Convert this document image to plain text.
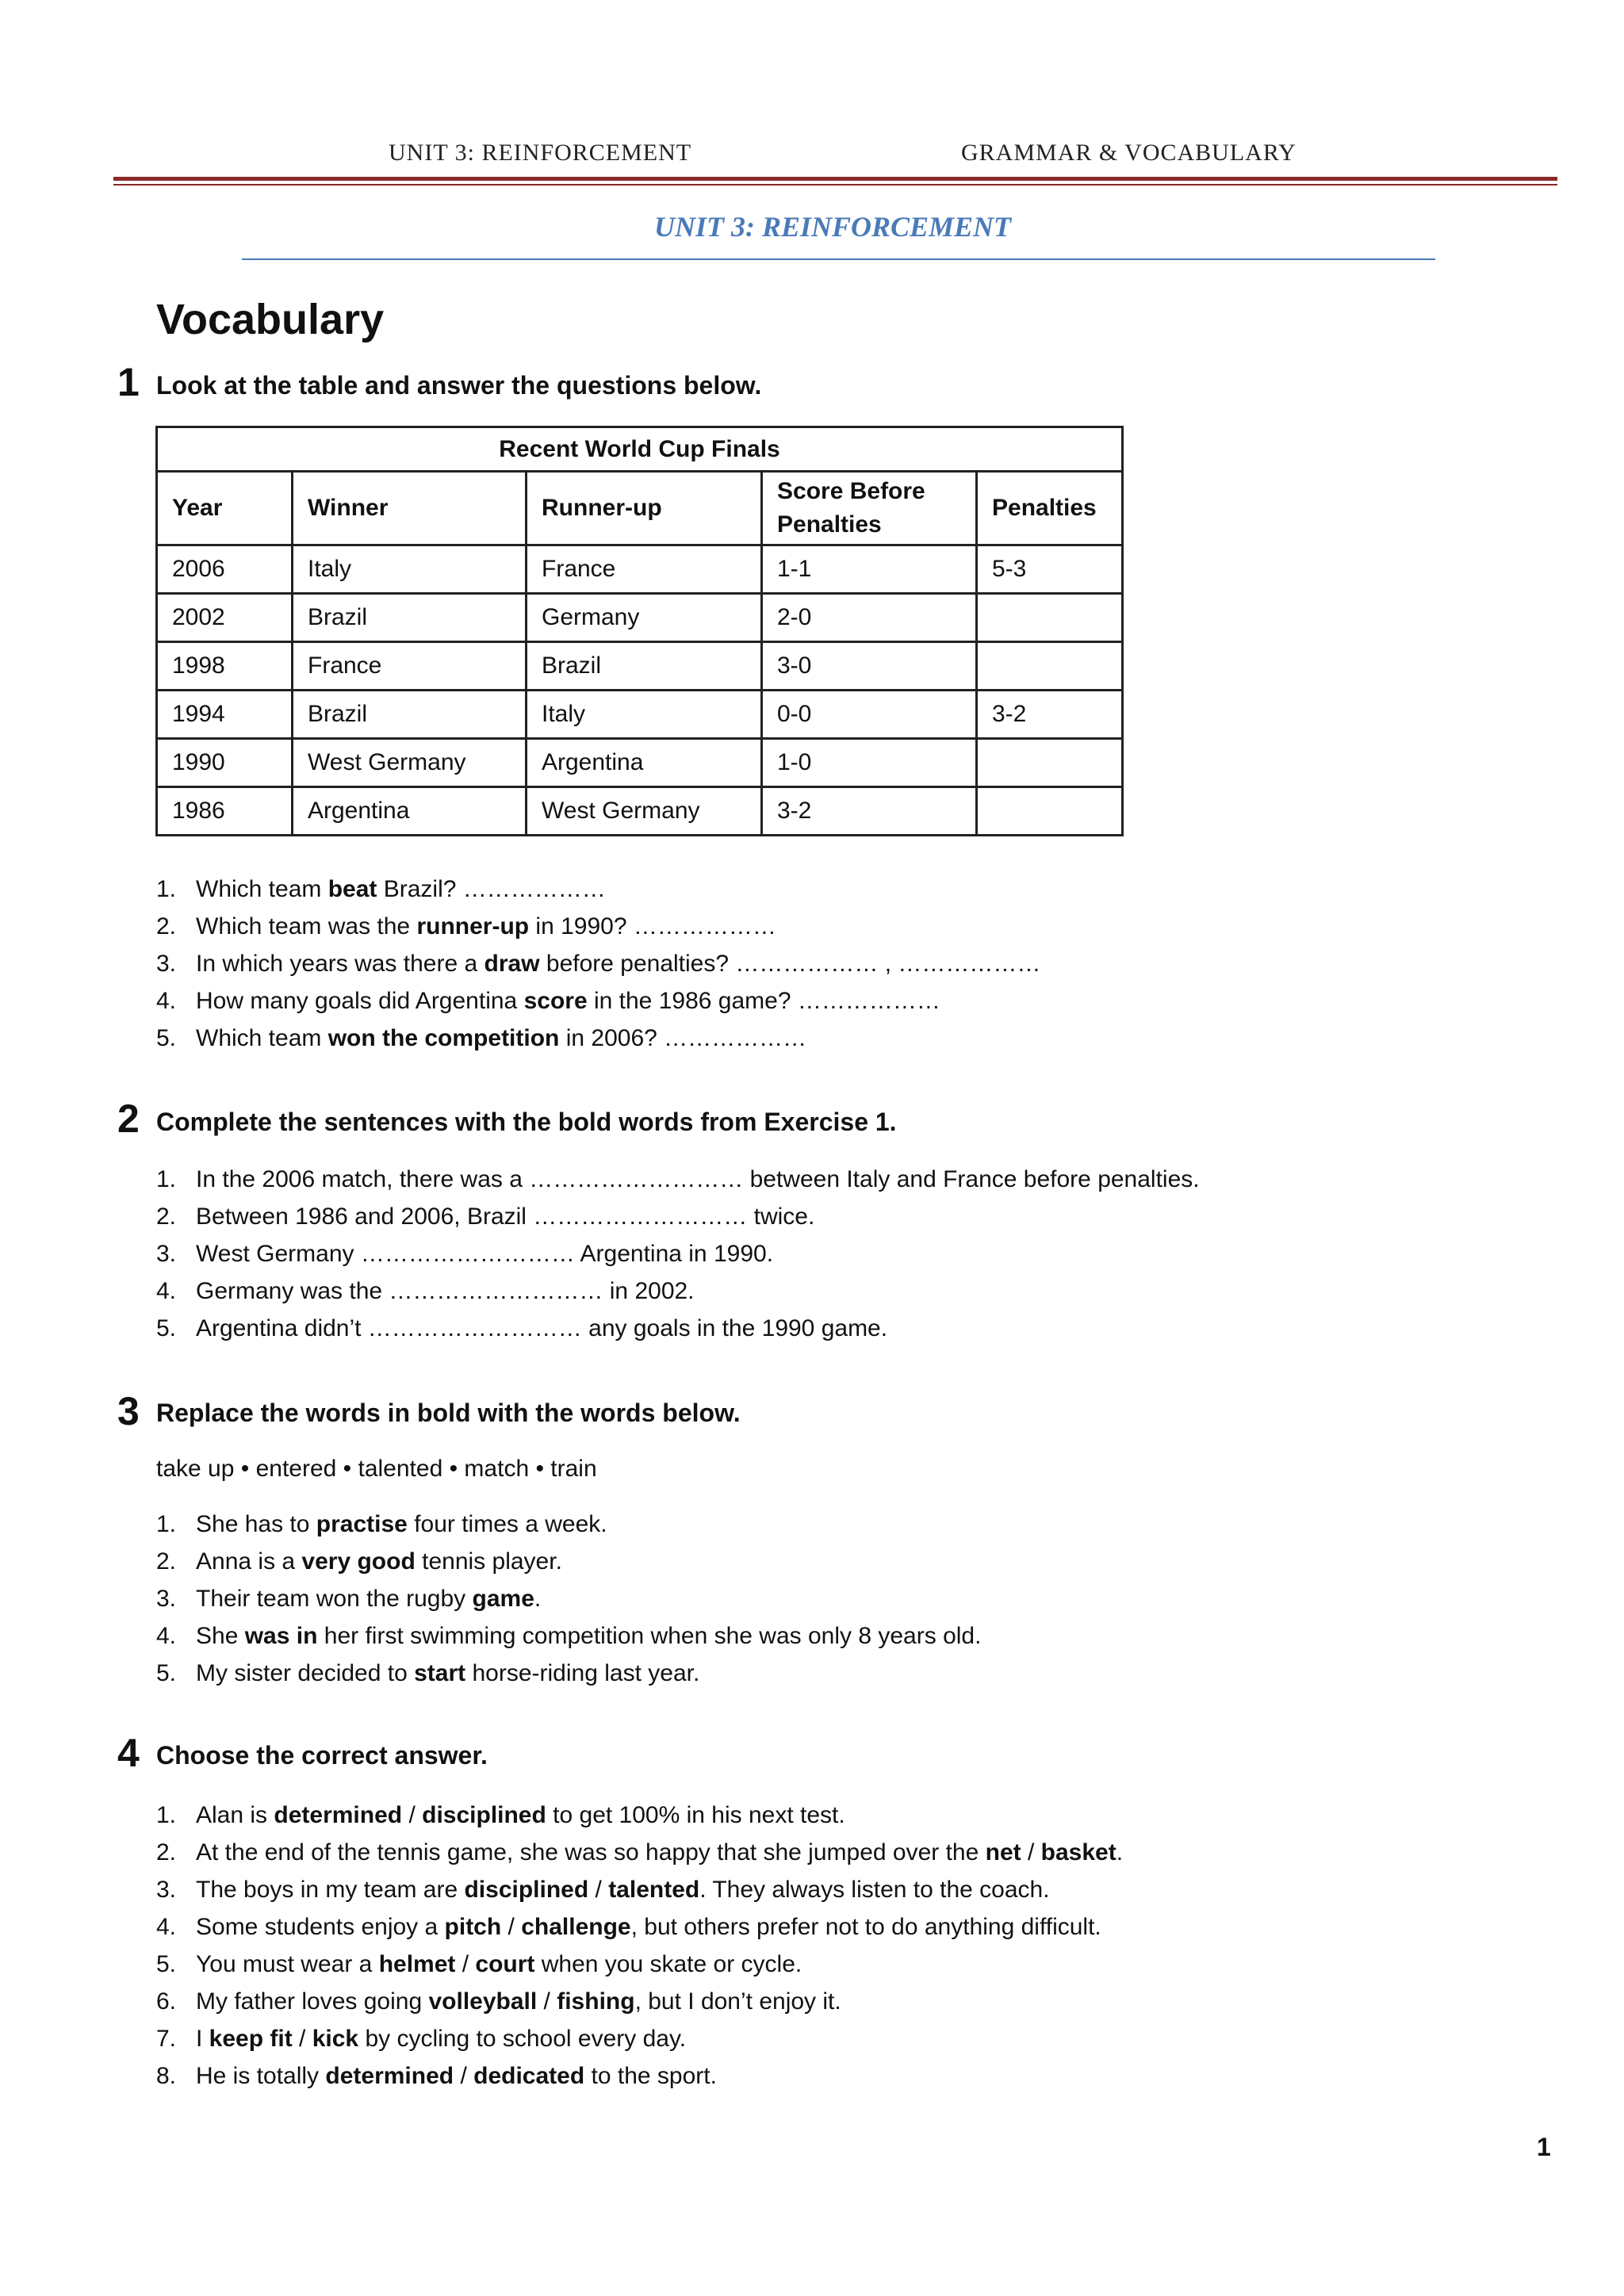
UNIT 3: REINFORCEMENT	GRAMMAR & VOCABULARY
UNIT 3: REINFORCEMENT
Vocabulary
1 Look at the table and answer the questions below.
Recent World Cup Finals				
Year	Winner	Runner-up	Score Before Penalties	Penalties
2006	Italy	France	1-1	5-3
2002	Brazil	Germany	2-0	
1998	France	Brazil	3-0	
1994	Brazil	Italy	0-0	3-2
1990	West Germany	Argentina	1-0	
1986	Argentina	West Germany	3-2	
1. Which team beat Brazil? ………………
2. Which team was the runner-up in 1990? ………………
3. In which years was there a draw before penalties? ……………… , ………………
4. How many goals did Argentina score in the 1986 game? ………………
5. Which team won the competition in 2006? ………………
2 Complete the sentences with the bold words from Exercise 1.
1. In the 2006 match, there was a ……………………… between Italy and France before penalties.
2. Between 1986 and 2006, Brazil ……………………… twice.
3. West Germany ……………………… Argentina in 1990.
4. Germany was the ……………………… in 2002.
5. Argentina didn’t ……………………… any goals in the 1990 game.
3 Replace the words in bold with the words below.
take up • entered • talented • match • train
1. She has to practise four times a week.
2. Anna is a very good tennis player.
3. Their team won the rugby game.
4. She was in her first swimming competition when she was only 8 years old.
5. My sister decided to start horse-riding last year.
4 Choose the correct answer.
1. Alan is determined / disciplined to get 100% in his next test.
2. At the end of the tennis game, she was so happy that she jumped over the net / basket.
3. The boys in my team are disciplined / talented. They always listen to the coach.
4. Some students enjoy a pitch / challenge, but others prefer not to do anything difficult.
5. You must wear a helmet / court when you skate or cycle.
6. My father loves going volleyball / fishing, but I don’t enjoy it.
7. I keep fit / kick by cycling to school every day.
8. He is totally determined / dedicated to the sport.
1
